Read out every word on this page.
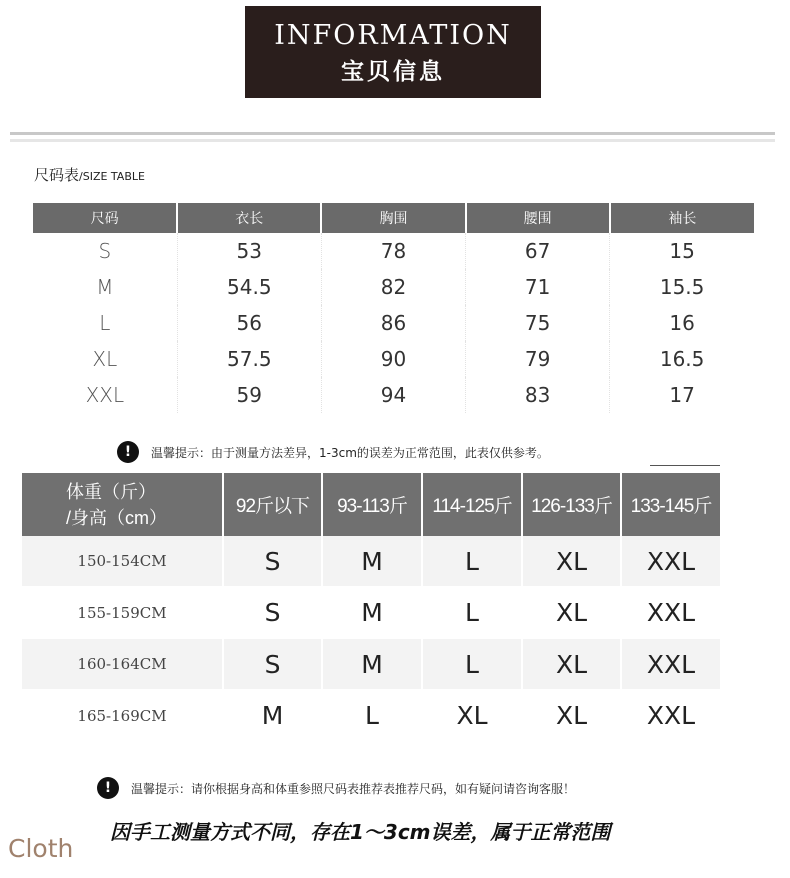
INFORMATION
宝贝信息
尺码表/SIZE TABLE
尺码	衣长	胸围	腰围	袖长
S	53	78	67	15
M	54.5	82	71	15.5
L	56	86	75	16
XL	57.5	90	79	16.5
XXL	59	94	83	17
!	温馨提示：由于测量方法差异，1-3cm的误差为正常范围，此表仅供参考。
体重（斤）
/身高（cm）	92斤以下	93-113斤	114-125斤	126-133斤	133-145斤
150-154CM	S	M	L	XL	XXL
155-159CM	S	M	L	XL	XXL
160-164CM	S	M	L	XL	XXL
165-169CM	M	L	XL	XL	XXL
!	温馨提示：请你根据身高和体重参照尺码表推荐表推荐尺码，如有疑问请咨询客服！
因手工测量方式不同，存在1～3cm误差，属于正常范围
Cloth
